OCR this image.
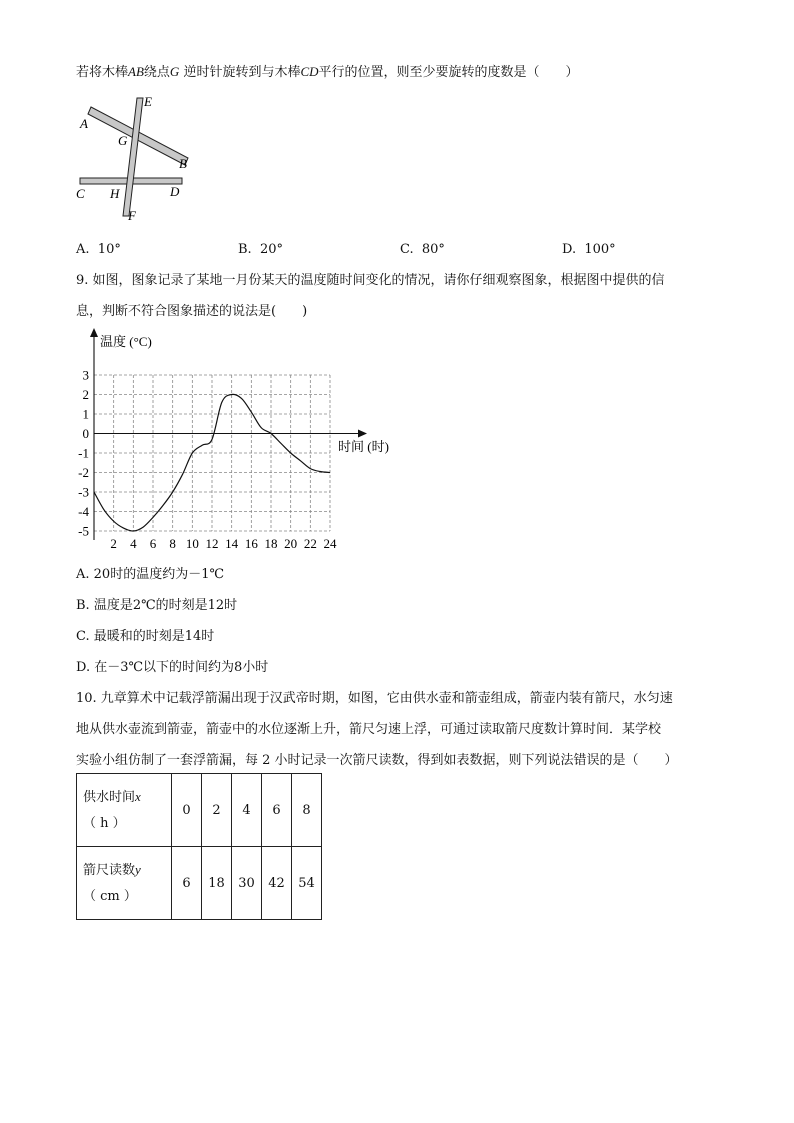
若将木棒AB绕点G 逆时针旋转到与木棒CD平行的位置，则至少要旋转的度数是（　　）
E
A
G
B
C H	D
F
A. 10°	B. 20°	C. 80°	D. 100°
9. 如图，图象记录了某地一月份某天的温度随时间变化的情况，请你仔细观察图象，根据图中提供的信
息，判断不符合图象描述的说法是(　　)
3
2
1
0
-1
-2
-3
-4
-5
2 4 6 8 10 12 14 16 18 20 22 24
温度 (°C)
时间 (时)
A. 20时的温度约为－1℃
B. 温度是2℃的时刻是12时
C. 最暖和的时刻是14时
D. 在－3℃以下的时间约为8小时
10. 九章算术中记载浮箭漏出现于汉武帝时期，如图，它由供水壶和箭壶组成，箭壶内装有箭尺，水匀速
地从供水壶流到箭壶，箭壶中的水位逐渐上升，箭尺匀速上浮，可通过读取箭尺度数计算时间．某学校
实验小组仿制了一套浮箭漏，每 2 小时记录一次箭尺读数，得到如表数据，则下列说法错误的是（　　）
供水时间x
（ h ）	0	2	4	6	8
箭尺读数y
（ cm ）	6	18	30	42	54
